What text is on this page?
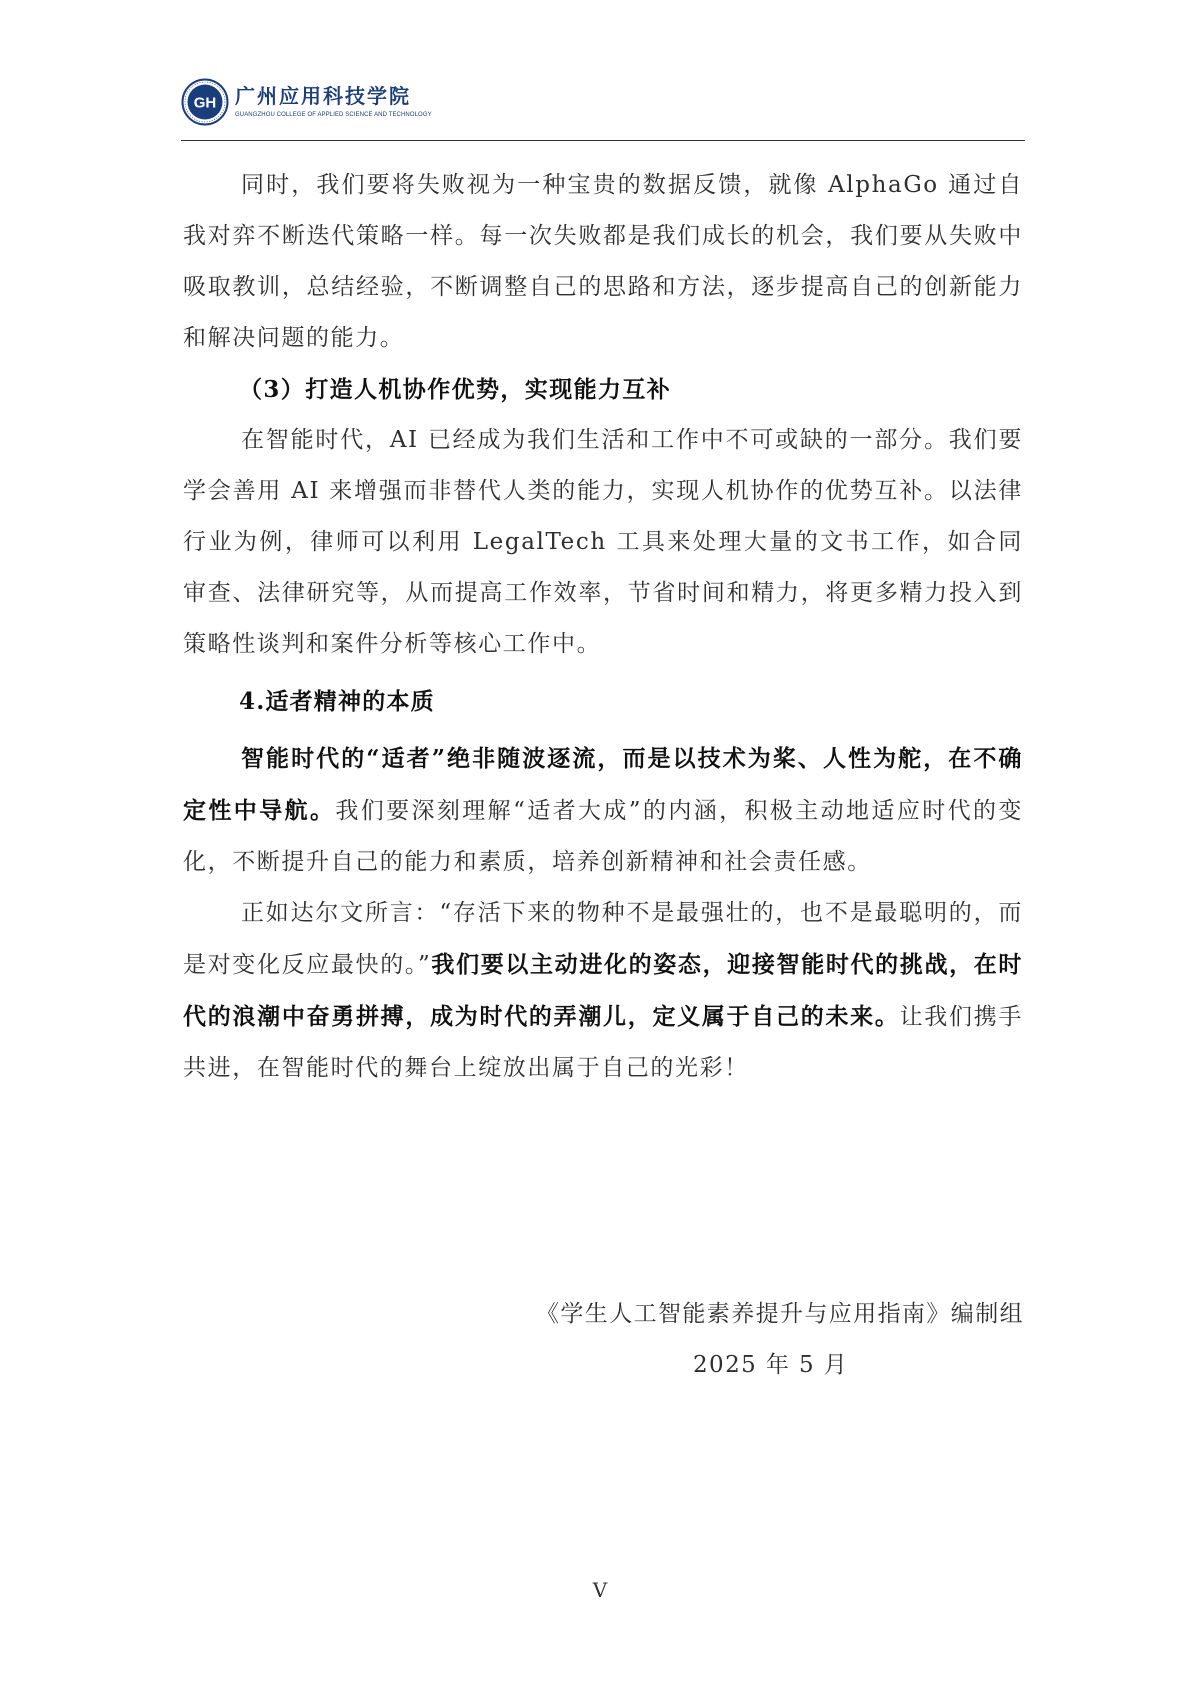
GH 广州应用科技学院
GUANGZHOU COLLEGE OF APPLIED SCIENCE AND TECHNOLOGY

同时，我们要将失败视为一种宝贵的数据反馈，就像 AlphaGo 通过自我对弈不断迭代策略一样。每一次失败都是我们成长的机会，我们要从失败中吸取教训，总结经验，不断调整自己的思路和方法，逐步提高自己的创新能力和解决问题的能力。

（3）打造人机协作优势，实现能力互补

在智能时代，AI 已经成为我们生活和工作中不可或缺的一部分。我们要学会善用 AI 来增强而非替代人类的能力，实现人机协作的优势互补。以法律行业为例，律师可以利用 LegalTech 工具来处理大量的文书工作，如合同审查、法律研究等，从而提高工作效率，节省时间和精力，将更多精力投入到策略性谈判和案件分析等核心工作中。

4.适者精神的本质

智能时代的“适者”绝非随波逐流，而是以技术为桨、人性为舵，在不确定性中导航。我们要深刻理解“适者大成”的内涵，积极主动地适应时代的变化，不断提升自己的能力和素质，培养创新精神和社会责任感。

正如达尔文所言：“存活下来的物种不是最强壮的，也不是最聪明的，而是对变化反应最快的。”我们要以主动进化的姿态，迎接智能时代的挑战，在时代的浪潮中奋勇拼搏，成为时代的弄潮儿，定义属于自己的未来。让我们携手共进，在智能时代的舞台上绽放出属于自己的光彩！

《学生人工智能素养提升与应用指南》编制组
2025 年 5 月
V
